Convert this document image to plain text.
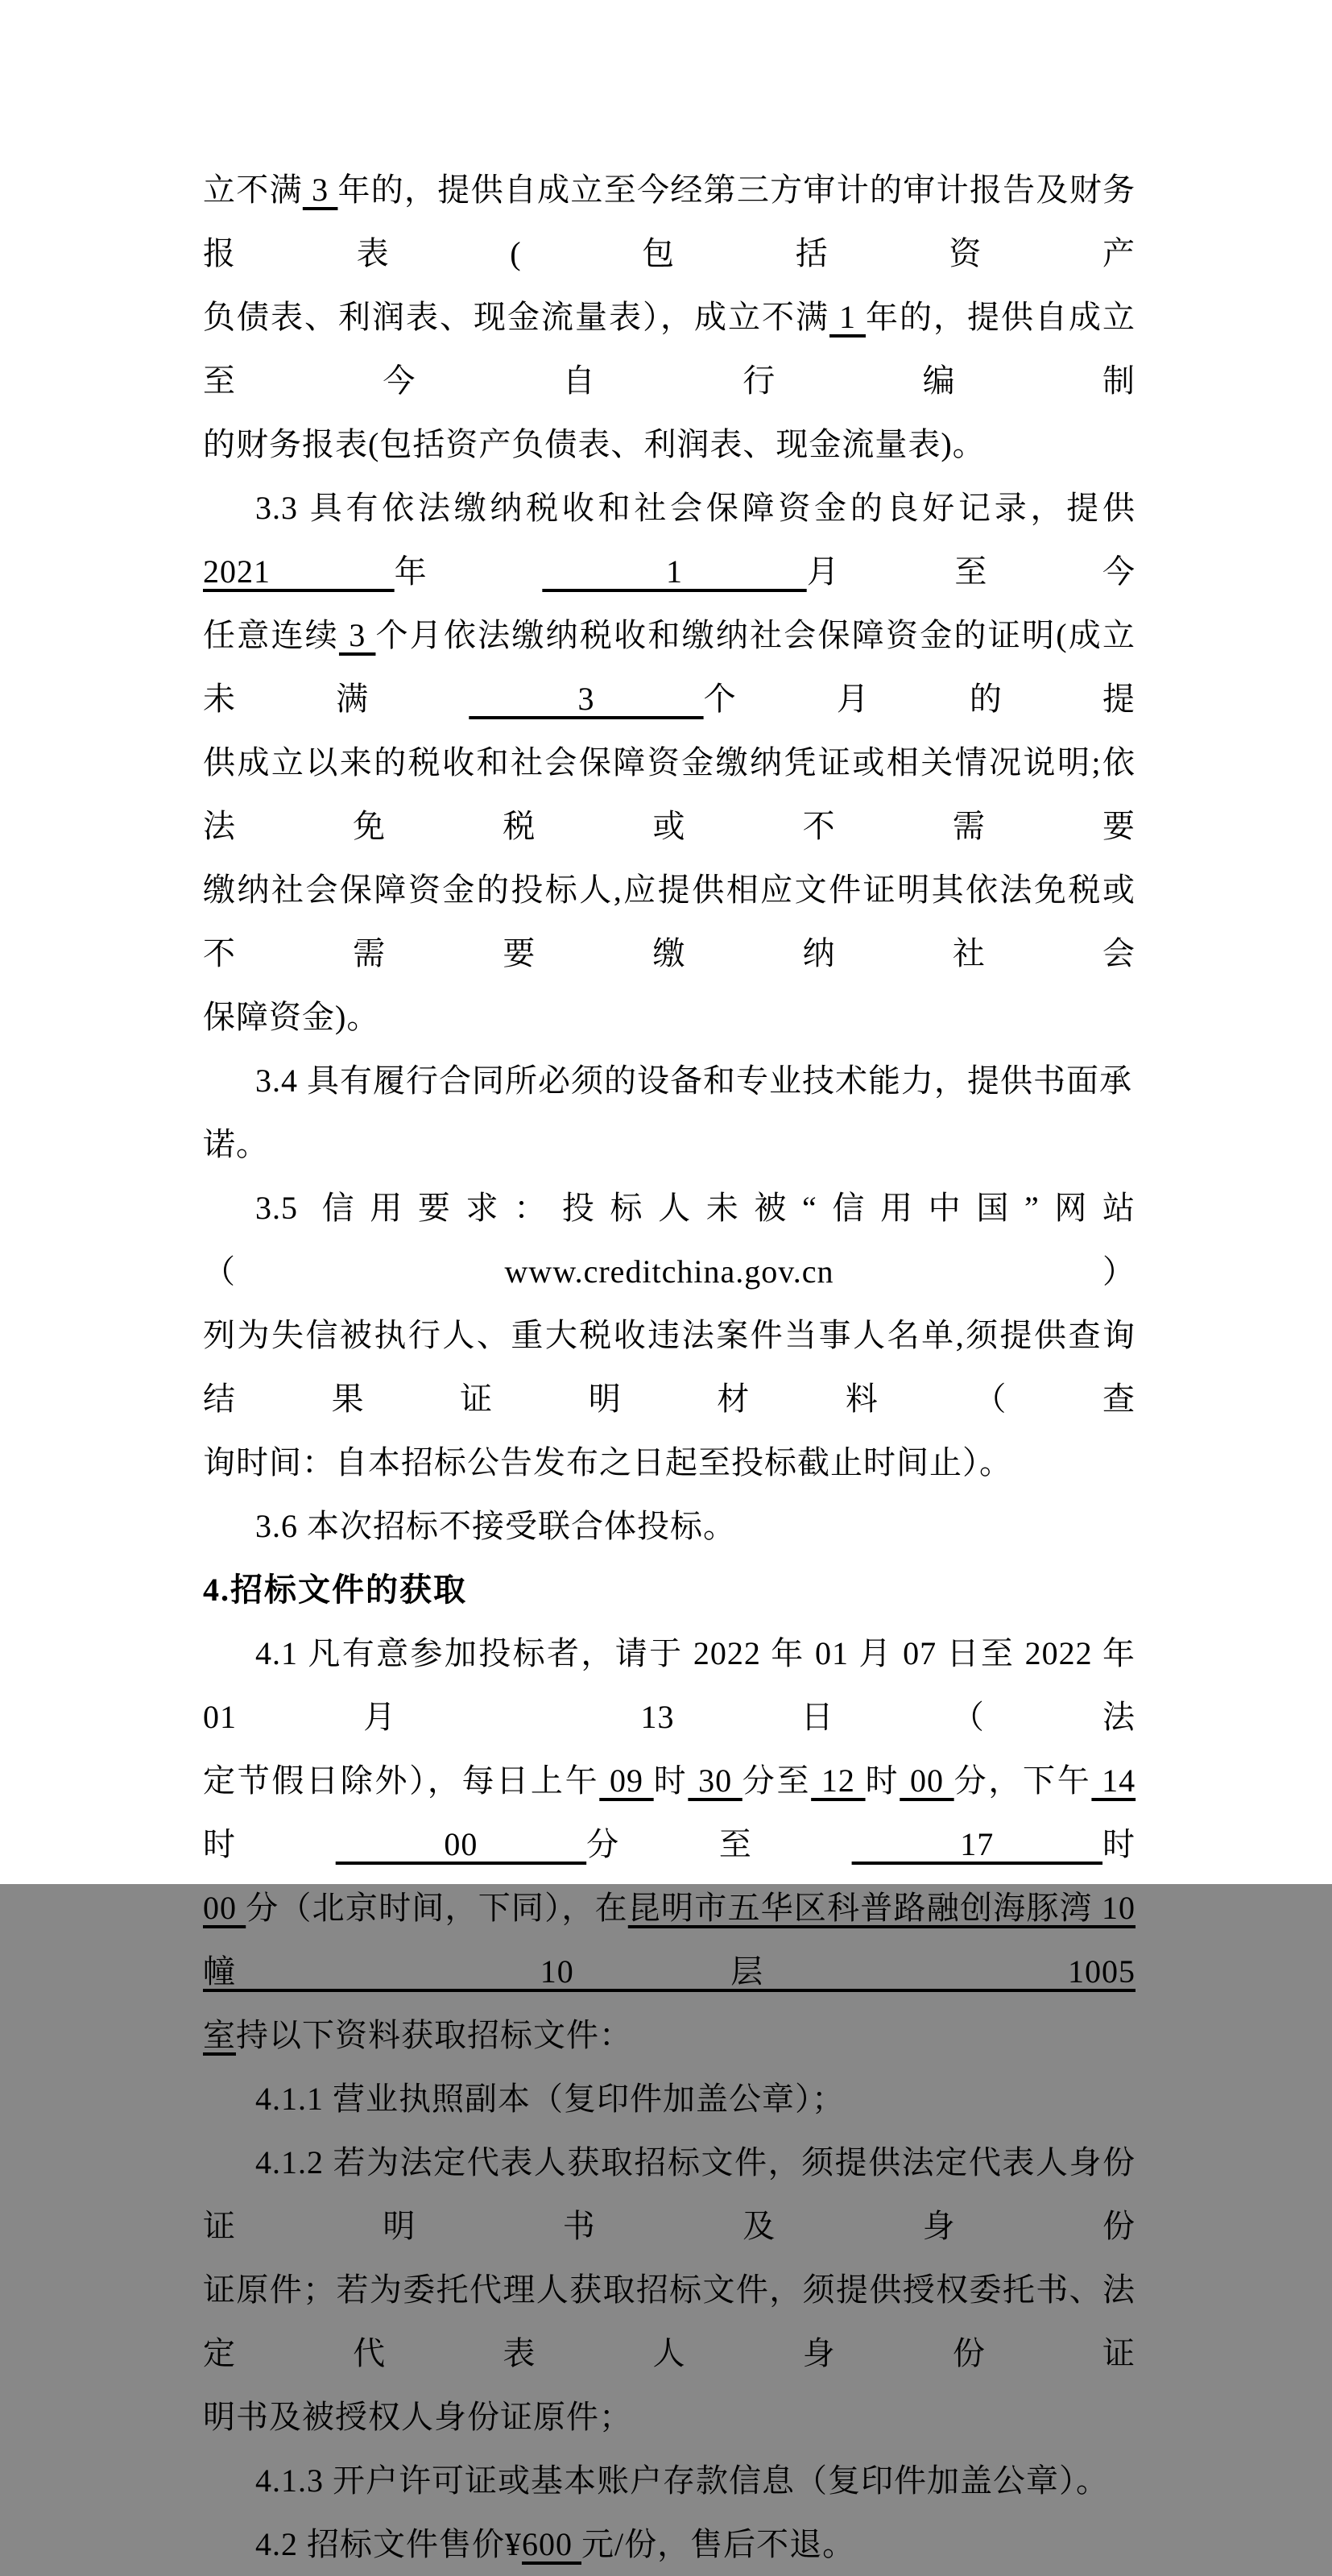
立不满 3 年的，提供自成立至今经第三方审计的审计报告及财务报表(包括资产
负债表、利润表、现金流量表），成立不满 1 年的，提供自成立至今自行编制
的财务报表(包括资产负债表、利润表、现金流量表)。
3.3 具有依法缴纳税收和社会保障资金的良好记录，提供 2021 年 1 月至今
任意连续 3 个月依法缴纳税收和缴纳社会保障资金的证明(成立未满 3 个月的提
供成立以来的税收和社会保障资金缴纳凭证或相关情况说明;依法免税或不需要
缴纳社会保障资金的投标人,应提供相应文件证明其依法免税或不需要缴纳社会
保障资金)。
3.4 具有履行合同所必须的设备和专业技术能力，提供书面承诺。
3.5 信用要求：投标人未被“信用中国”网站（www.creditchina.gov.cn）
列为失信被执行人、重大税收违法案件当事人名单,须提供查询结果证明材料（查
询时间：自本招标公告发布之日起至投标截止时间止）。
3.6 本次招标不接受联合体投标。
4.招标文件的获取
4.1 凡有意参加投标者，请于 2022 年 01 月 07 日至 2022 年 01 月 13 日（法
定节假日除外），每日上午 09 时 30 分至 12 时 00 分，下午 14 时 00 分至 17 时
00 分（北京时间，下同），在昆明市五华区科普路融创海豚湾 10 幢 10 层 1005
室持以下资料获取招标文件：
4.1.1 营业执照副本（复印件加盖公章）；
4.1.2 若为法定代表人获取招标文件，须提供法定代表人身份证明书及身份
证原件；若为委托代理人获取招标文件，须提供授权委托书、法定代表人身份证
明书及被授权人身份证原件；
4.1.3 开户许可证或基本账户存款信息（复印件加盖公章）。
4.2 招标文件售价¥600 元/份，售后不退。
